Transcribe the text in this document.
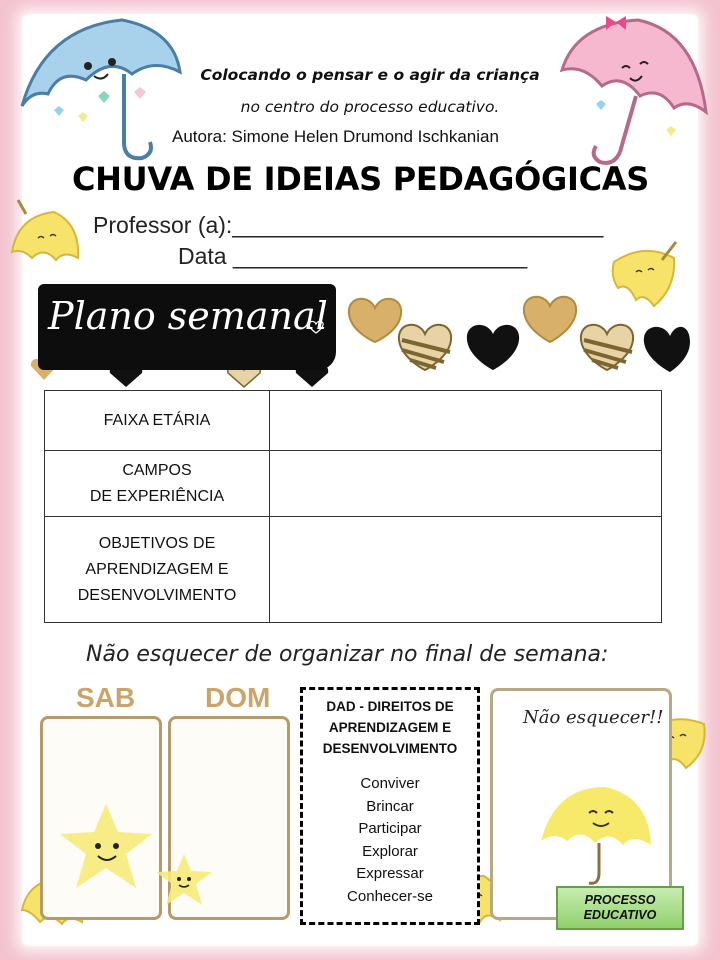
Colocando o pensar e o agir da criança
no centro do processo educativo.
Autora: Simone Helen Drumond Ischkanian
CHUVA DE IDEIAS PEDAGÓGICAS
Professor (a):_____________________________
Data _______________________
Plano semanal
FAIXA ETÁRIA	

CAMPOS
DE EXPERIÊNCIA	

OBJETIVOS DE
APRENDIZAGEM E
DESENVOLVIMENTO	

Não esquecer de organizar no final de semana:
SAB DOM	DAD - DIREITOS DE
APRENDIZAGEM E
DESENVOLVIMENTO
Conviver
Brincar
Participar
Explorar
Expressar
Conhecer-se
Não esquecer!!
PROCESSO
EDUCATIVO
